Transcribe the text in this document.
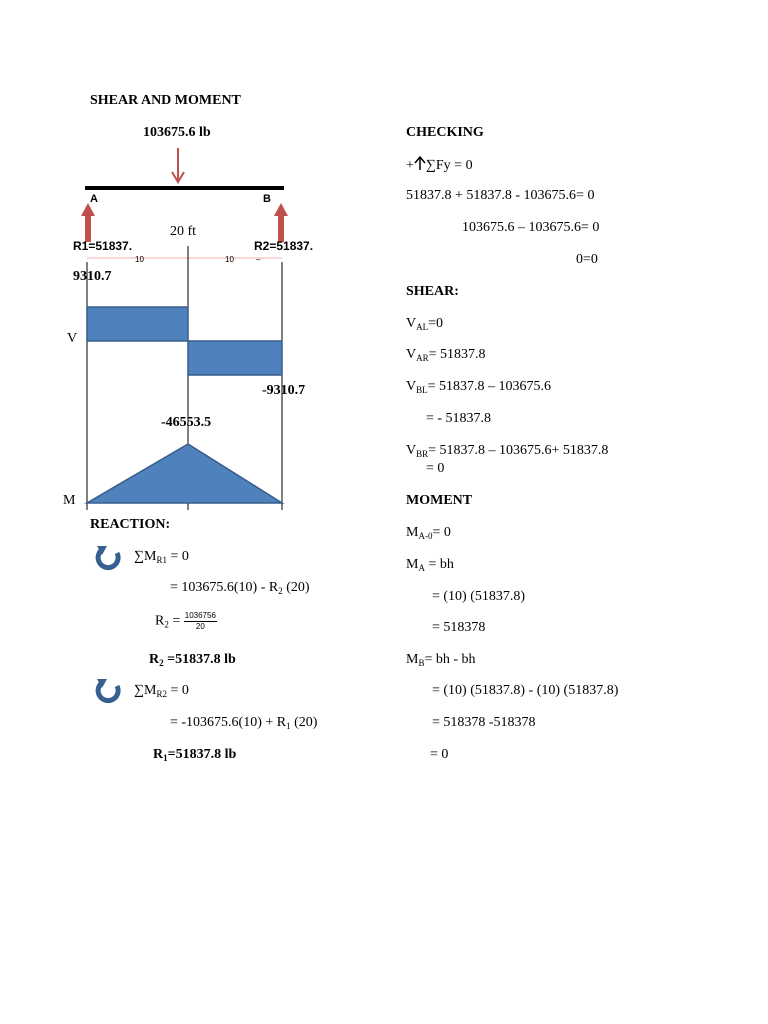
SHEAR AND MOMENT
103675.6 lb
A	B
20 ft
R1=51837.	R2=51837.
10	10	–
9310.7
V
-9310.7
-46553.5
M
REACTION:
$\sum M_{R1} = 0$
= $103675.6(10) - R_2$ (20)
$R_2 = \frac{1036756}{20}$
$R_2 =51837.8$ lb
$\sum M_{R2} = 0$
= $-103675.6(10) + R_1$ (20)
$R_1=51837.8$ lb
CHECKING
+ ∑Fy = 0
51837.8 + 51837.8 - 103675.6= 0
103675.6 – 103675.6= 0
0=0
SHEAR:
$V_{AL}=0$
$V_{AR}= 51837.8$
$V_{BL}= 51837.8 - 103675.6$
= - 51837.8
$V_{BR}= 51837.8 - 103675.6+ 51837.8$
= 0
MOMENT
$M_{A-0}= 0$
$M_A$ = bh
= (10) (51837.8)
= 518378
$M_B=$ bh - bh
= (10) (51837.8) - (10) (51837.8)
= 518378 -518378
= 0
